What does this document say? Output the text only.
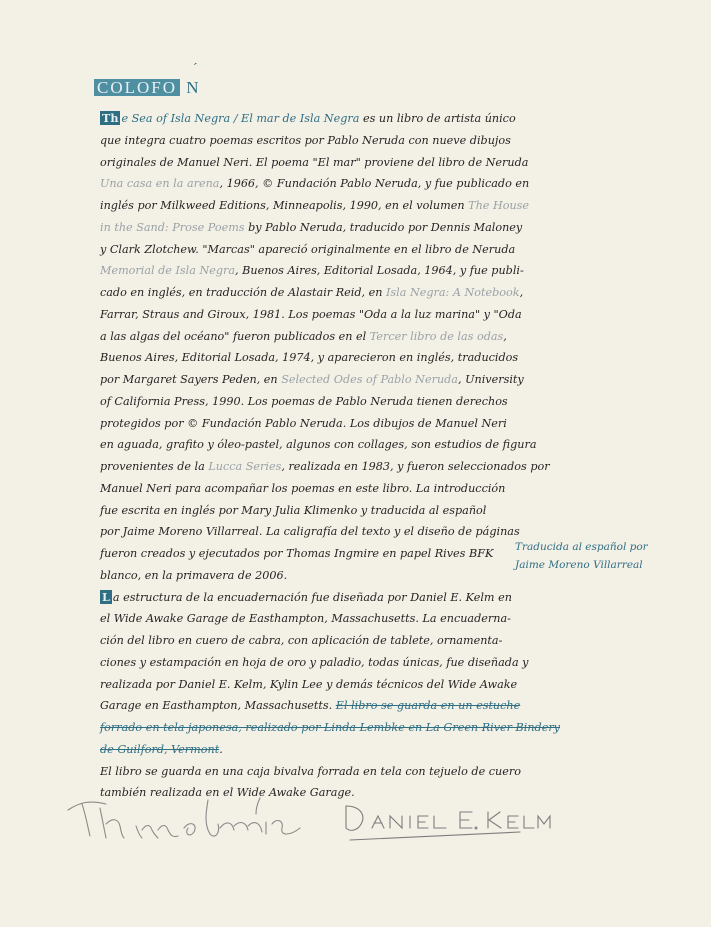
COLOFO
́
N
Th e Sea of Isla Negra / El mar de Isla Negra es un libro de artista único
que integra cuatro poemas escritos por Pablo Neruda con nueve dibujos
originales de Manuel Neri. El poema "El mar" proviene del libro de Neruda
Una casa en la arena, 1966, © Fundación Pablo Neruda, y fue publicado en
inglés por Milkweed Editions, Minneapolis, 1990, en el volumen The House
in the Sand: Prose Poems by Pablo Neruda, traducido por Dennis Maloney
y Clark Zlotchew. "Marcas" apareció originalmente en el libro de Neruda
Memorial de Isla Negra, Buenos Aires, Editorial Losada, 1964, y fue publi-
cado en inglés, en traducción de Alastair Reid, en Isla Negra: A Notebook,
Farrar, Straus and Giroux, 1981. Los poemas "Oda a la luz marina" y "Oda
a las algas del océano" fueron publicados en el Tercer libro de las odas,
Buenos Aires, Editorial Losada, 1974, y aparecieron en inglés, traducidos
por Margaret Sayers Peden, en Selected Odes of Pablo Neruda, University
of California Press, 1990. Los poemas de Pablo Neruda tienen derechos
protegidos por © Fundación Pablo Neruda. Los dibujos de Manuel Neri
en aguada, grafito y óleo-pastel, algunos con collages, son estudios de figura
provenientes de la Lucca Series, realizada en 1983, y fueron seleccionados por
Manuel Neri para acompañar los poemas en este libro. La introducción
fue escrita en inglés por Mary Julia Klimenko y traducida al español
por Jaime Moreno Villarreal. La caligrafía del texto y el diseño de páginas
fueron creados y ejecutados por Thomas Ingmire en papel Rives BFK
blanco, en la primavera de 2006.
L a estructura de la encuadernación fue diseñada por Daniel E. Kelm en
el Wide Awake Garage de Easthampton, Massachusetts. La encuaderna-
ción del libro en cuero de cabra, con aplicación de tablete, ornamenta-
ciones y estampación en hoja de oro y paladio, todas únicas, fue diseñada y
realizada por Daniel E. Kelm, Kylin Lee y demás técnicos del Wide Awake
Garage en Easthampton, Massachusetts. El libro se guarda en un estuche
forrado en tela japonesa, realizado por Linda Lembke en La Green River Bindery
de Guilford, Vermont.
El libro se guarda en una caja bivalva forrada en tela con tejuelo de cuero
también realizada en el Wide Awake Garage.
Traducida al español por
Jaime Moreno Villarreal
